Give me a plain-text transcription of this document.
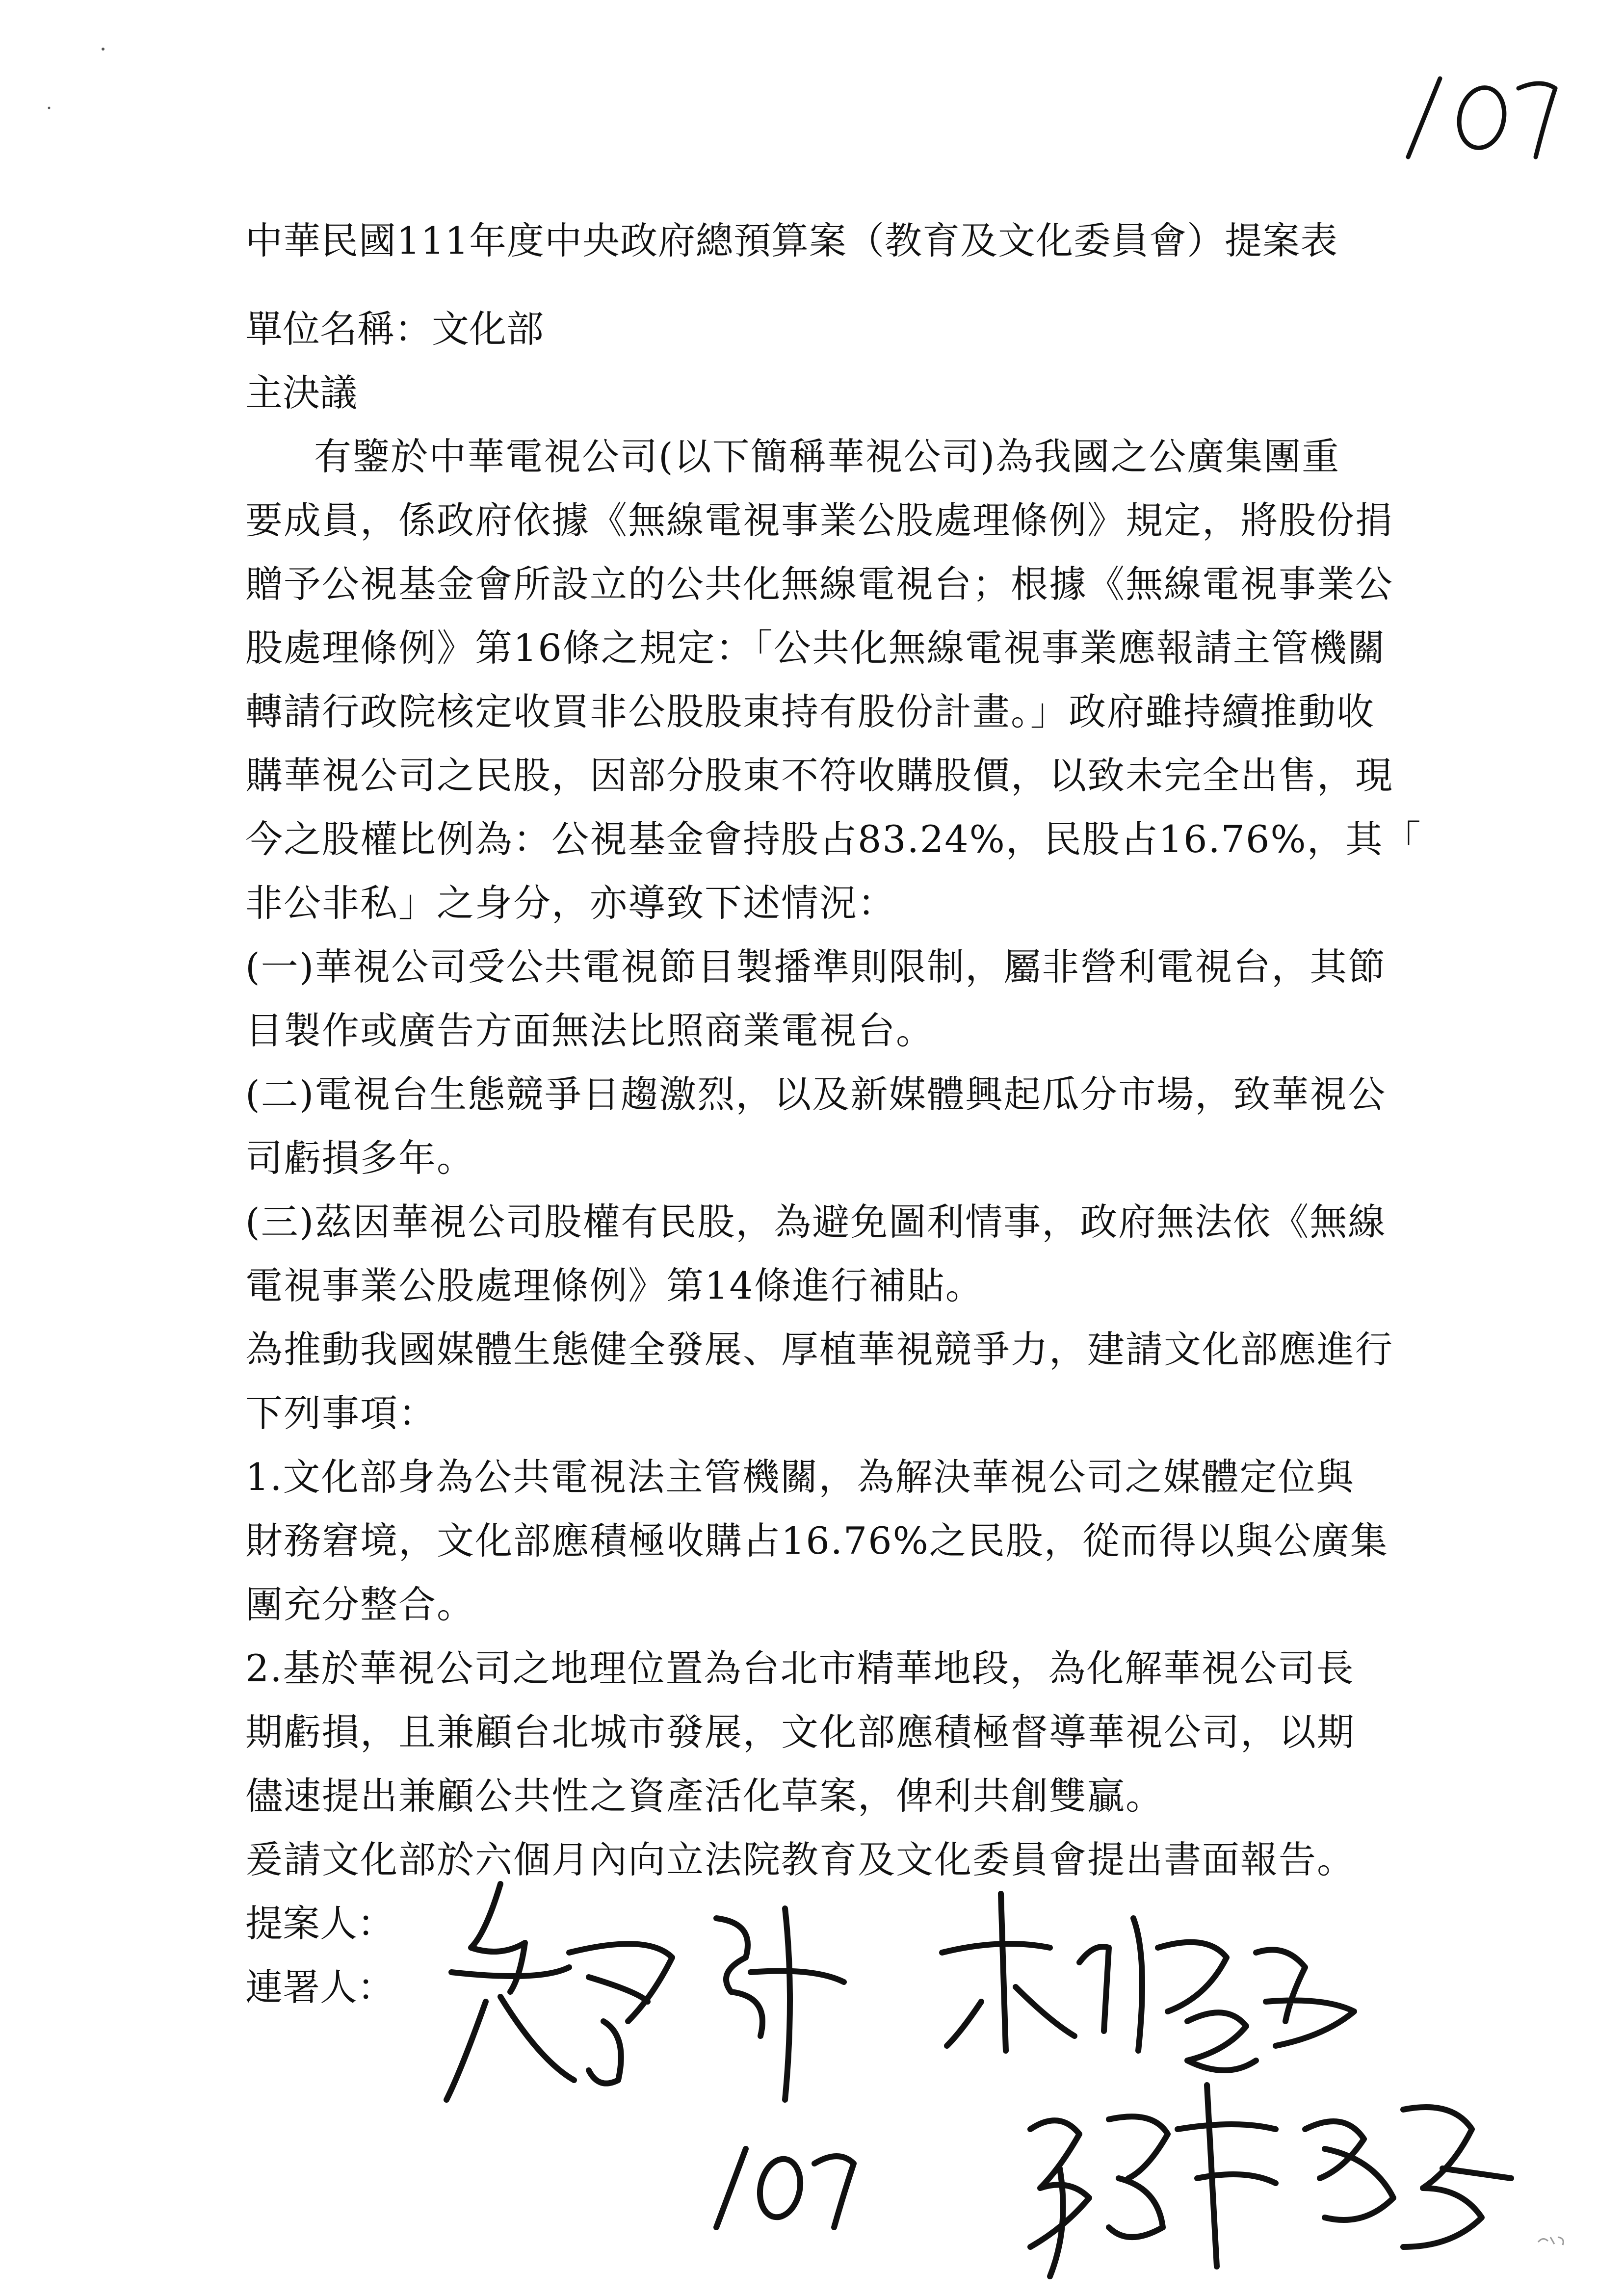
中華民國111年度中央政府總預算案（教育及文化委員會）提案表
單位名稱：文化部
主決議
有鑒於中華電視公司(以下簡稱華視公司)為我國之公廣集團重
要成員，係政府依據《無線電視事業公股處理條例》規定，將股份捐
贈予公視基金會所設立的公共化無線電視台；根據《無線電視事業公
股處理條例》第16條之規定：「公共化無線電視事業應報請主管機關
轉請行政院核定收買非公股股東持有股份計畫。」政府雖持續推動收
購華視公司之民股，因部分股東不符收購股價，以致未完全出售，現
今之股權比例為：公視基金會持股占83.24%，民股占16.76%，其「
非公非私」之身分，亦導致下述情況：
(一)華視公司受公共電視節目製播準則限制，屬非營利電視台，其節
目製作或廣告方面無法比照商業電視台。
(二)電視台生態競爭日趨激烈，以及新媒體興起瓜分市場，致華視公
司虧損多年。
(三)茲因華視公司股權有民股，為避免圖利情事，政府無法依《無線
電視事業公股處理條例》第14條進行補貼。
為推動我國媒體生態健全發展、厚植華視競爭力，建請文化部應進行
下列事項：
1.文化部身為公共電視法主管機關，為解決華視公司之媒體定位與
財務窘境，文化部應積極收購占16.76%之民股，從而得以與公廣集
團充分整合。
2.基於華視公司之地理位置為台北市精華地段，為化解華視公司長
期虧損，且兼顧台北城市發展，文化部應積極督導華視公司，以期
儘速提出兼顧公共性之資產活化草案，俾利共創雙贏。
爰請文化部於六個月內向立法院教育及文化委員會提出書面報告。
提案人：
連署人：
